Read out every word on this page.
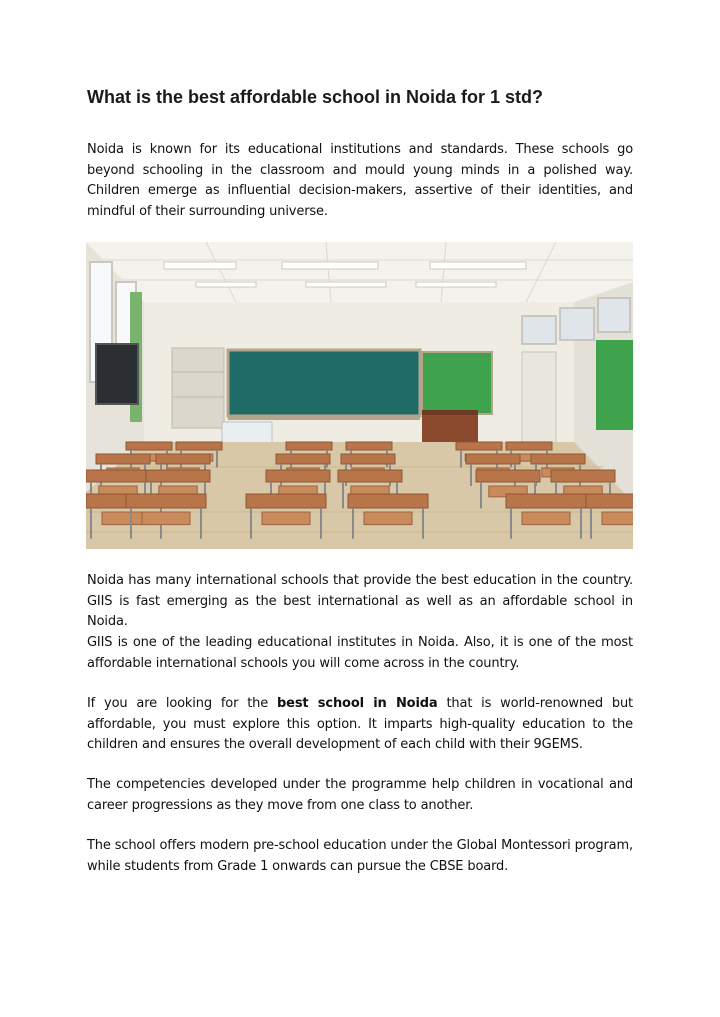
What is the best affordable school in Noida for 1 std?

Noida is known for its educational institutions and standards. These schools go beyond schooling in the classroom and mould young minds in a polished way. Children emerge as influential decision-makers, assertive of their identities, and mindful of their surrounding universe.

Noida has many international schools that provide the best education in the country. GIIS is fast emerging as the best international as well as an affordable school in Noida.

GIIS is one of the leading educational institutes in Noida. Also, it is one of the most affordable international schools you will come across in the country.

If you are looking for the best school in Noida that is world-renowned but affordable, you must explore this option. It imparts high-quality education to the children and ensures the overall development of each child with their 9GEMS.

The competencies developed under the programme help children in vocational and career progressions as they move from one class to another.

The school offers modern pre-school education under the Global Montessori program, while students from Grade 1 onwards can pursue the CBSE board.
